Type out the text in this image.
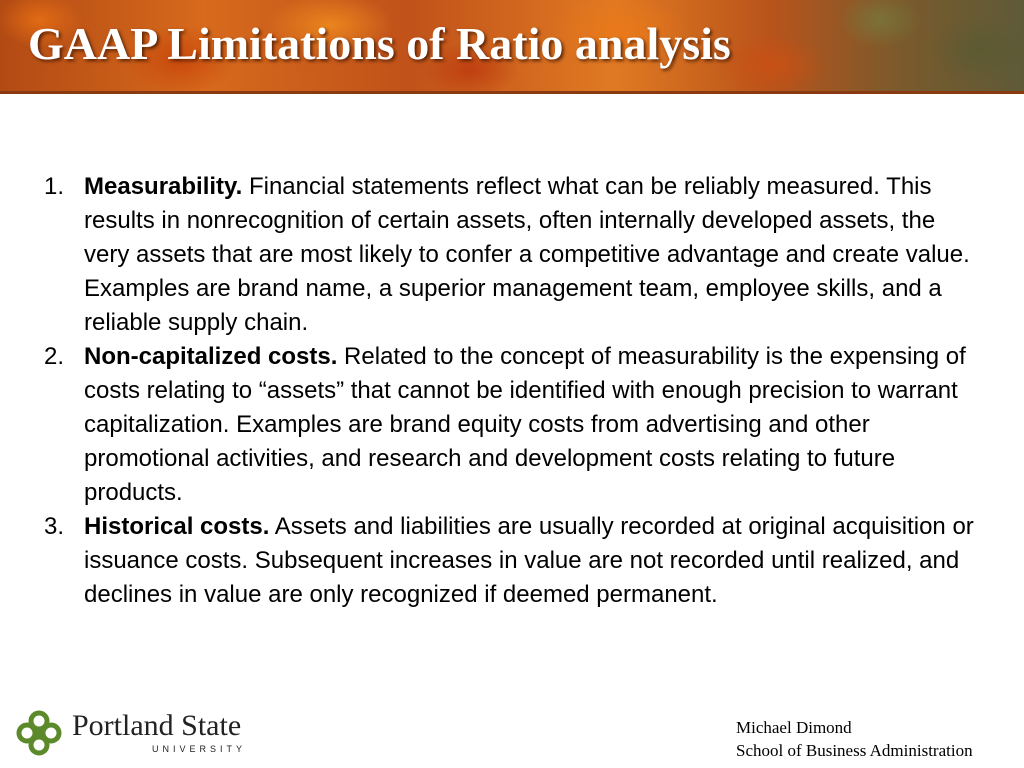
GAAP Limitations of Ratio analysis
1. Measurability. Financial statements reflect what can be reliably measured. This results in nonrecognition of certain assets, often internally developed assets, the very assets that are most likely to confer a competitive advantage and create value. Examples are brand name, a superior management team, employee skills, and a reliable supply chain.
2. Non-capitalized costs. Related to the concept of measurability is the expensing of costs relating to “assets” that cannot be identified with enough precision to warrant capitalization. Examples are brand equity costs from advertising and other promotional activities, and research and development costs relating to future products.
3. Historical costs. Assets and liabilities are usually recorded at original acquisition or issuance costs. Subsequent increases in value are not recorded until realized, and declines in value are only recognized if deemed permanent.
Portland State
UNIVERSITY
Michael Dimond
School of Business Administration
